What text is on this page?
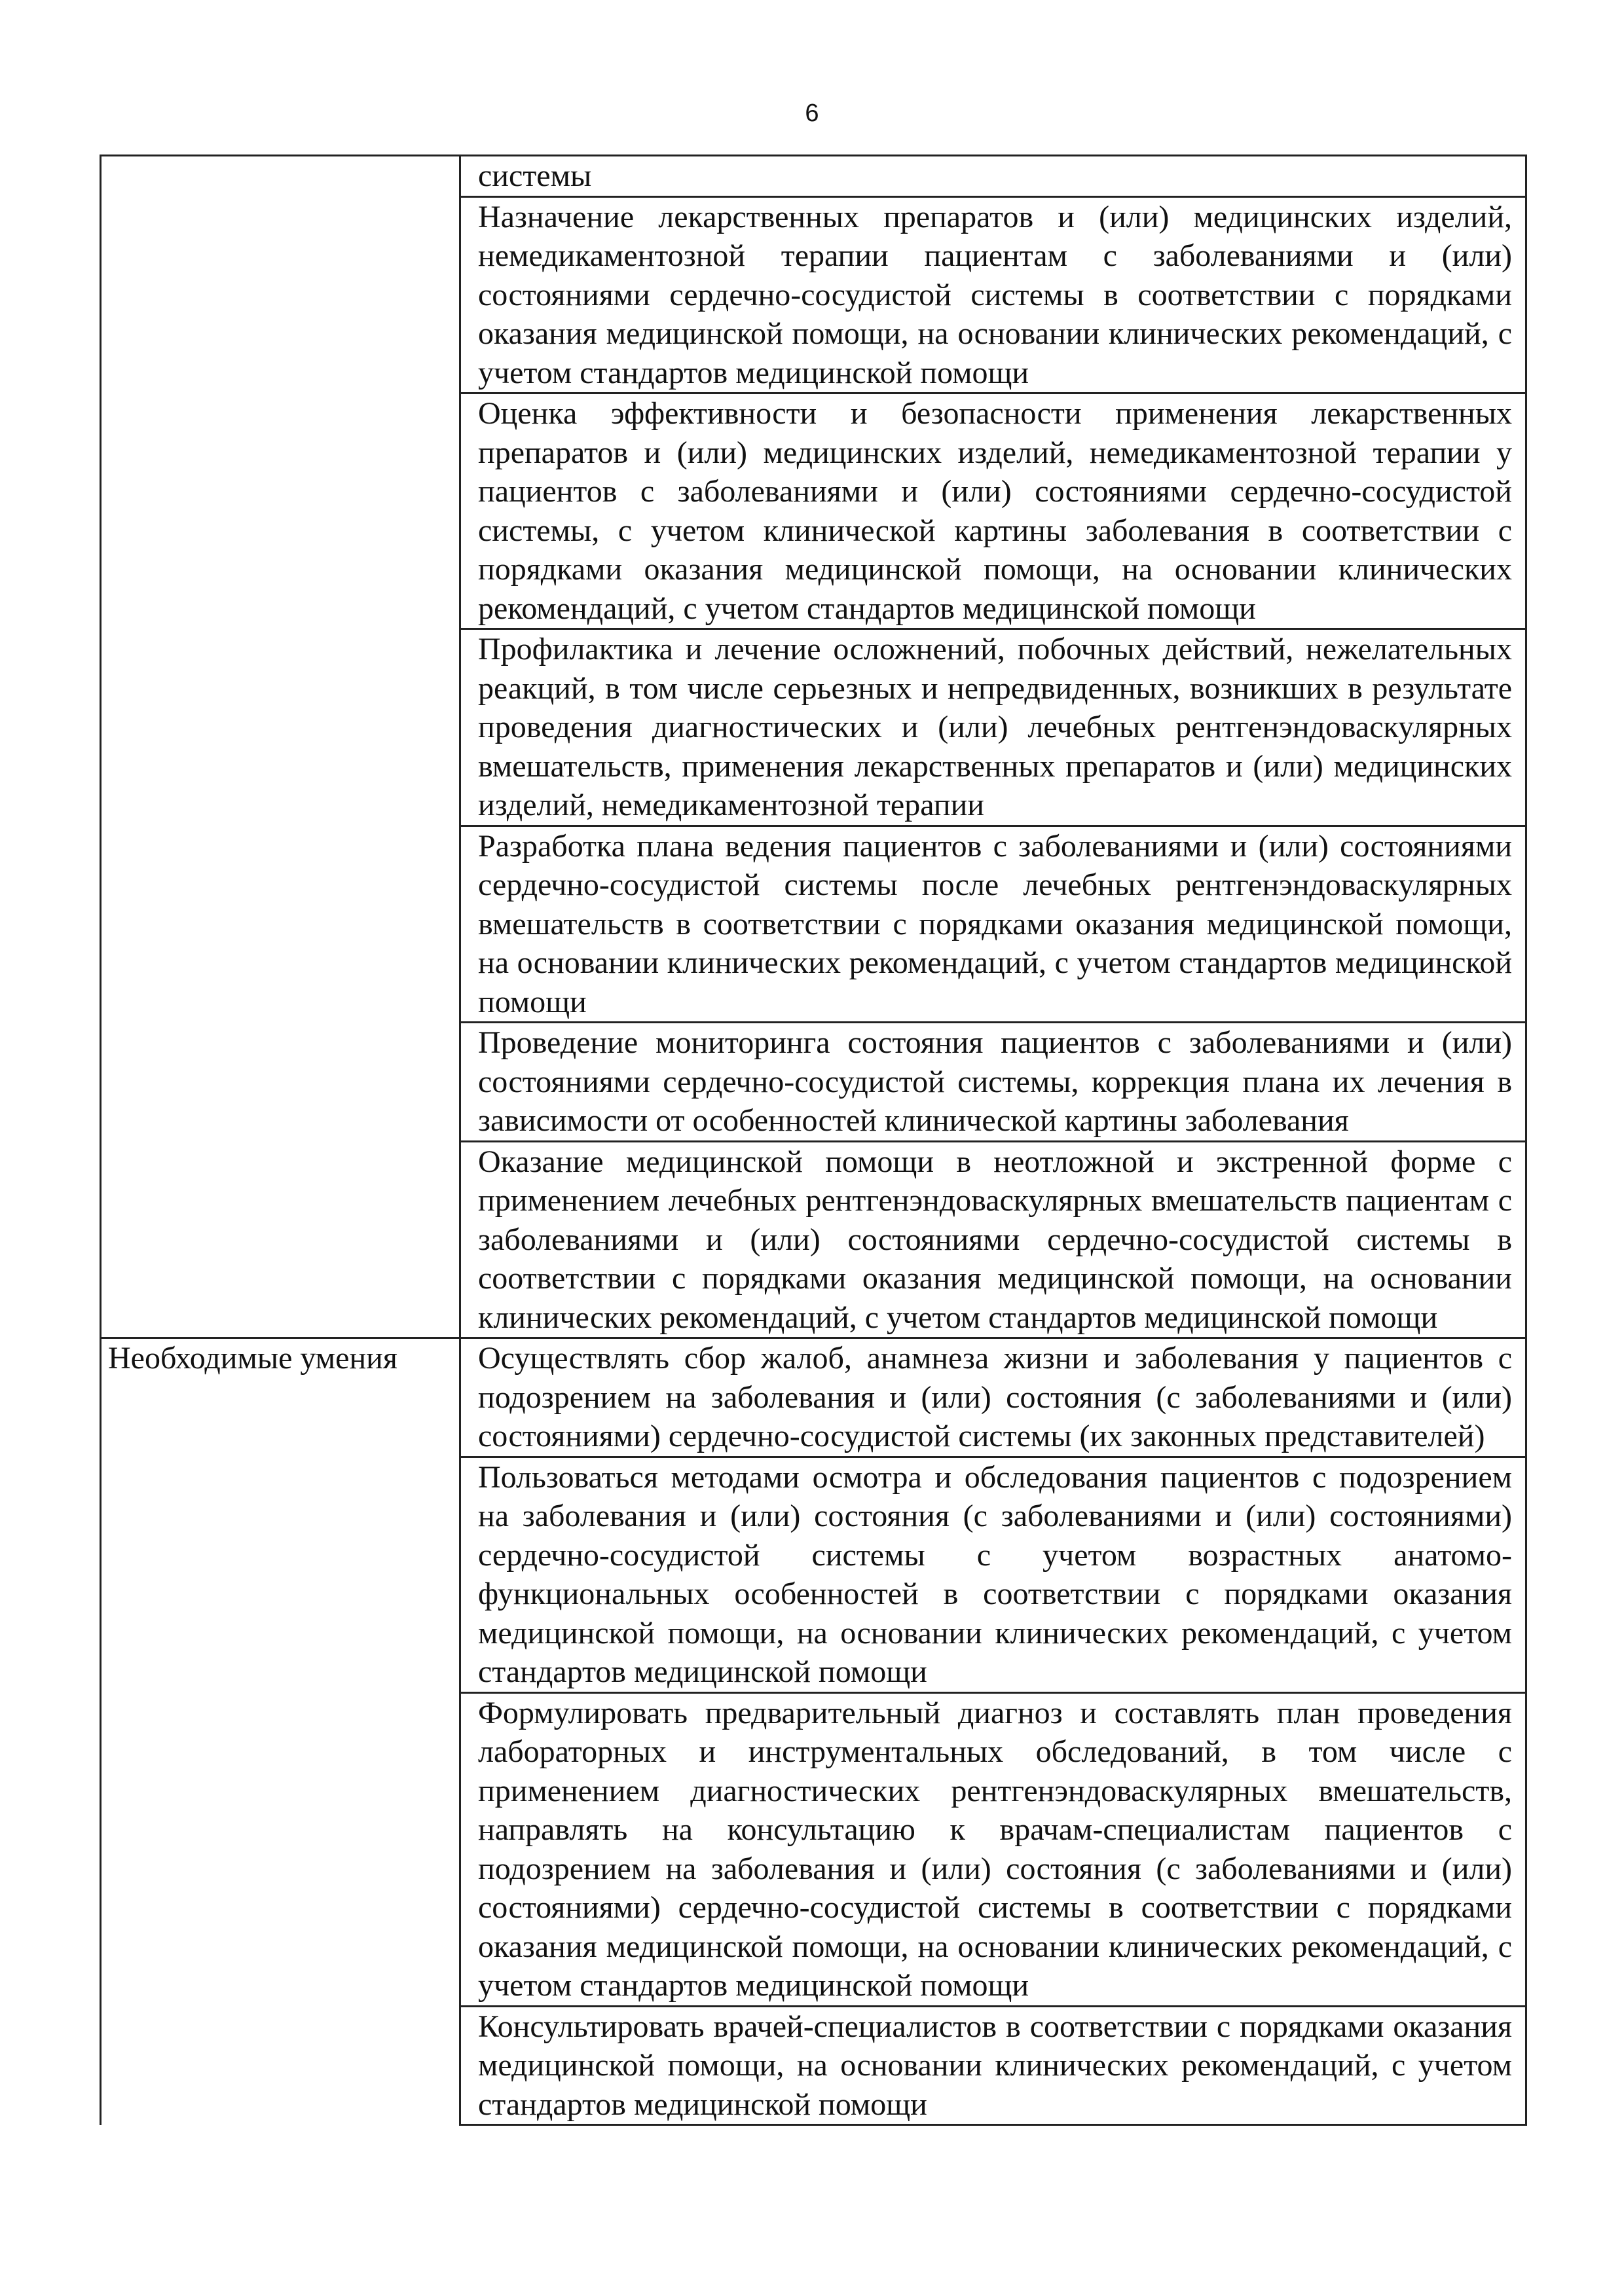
6
	системы
	Назначение лекарственных препаратов и (или) медицинских изделий, немедикаментозной терапии пациентам с заболеваниями и (или) состояниями сердечно-сосудистой системы в соответствии с порядками оказания медицинской помощи, на основании клинических рекомендаций, с учетом стандартов медицинской помощи
	Оценка эффективности и безопасности применения лекарственных препаратов и (или) медицинских изделий, немедикаментозной терапии у пациентов с заболеваниями и (или) состояниями сердечно-сосудистой системы, с учетом клинической картины заболевания в соответствии с порядками оказания медицинской помощи, на основании клинических рекомендаций, с учетом стандартов медицинской помощи
	Профилактика и лечение осложнений, побочных действий, нежелательных реакций, в том числе серьезных и непредвиденных, возникших в результате проведения диагностических и (или) лечебных рентгенэндоваскулярных вмешательств, применения лекарственных препаратов и (или) медицинских изделий, немедикаментозной терапии
	Разработка плана ведения пациентов с заболеваниями и (или) состояниями сердечно-сосудистой системы после лечебных рентгенэндоваскулярных вмешательств в соответствии с порядками оказания медицинской помощи, на основании клинических рекомендаций, с учетом стандартов медицинской помощи
	Проведение мониторинга состояния пациентов с заболеваниями и (или) состояниями сердечно-сосудистой системы, коррекция плана их лечения в зависимости от особенностей клинической картины заболевания
	Оказание медицинской помощи в неотложной и экстренной форме с применением лечебных рентгенэндоваскулярных вмешательств пациентам с заболеваниями и (или) состояниями сердечно-сосудистой системы в соответствии с порядками оказания медицинской помощи, на основании клинических рекомендаций, с учетом стандартов медицинской помощи
Необходимые умения	Осуществлять сбор жалоб, анамнеза жизни и заболевания у пациентов с подозрением на заболевания и (или) состояния (с заболеваниями и (или) состояниями) сердечно-сосудистой системы (их законных представителей)
	Пользоваться методами осмотра и обследования пациентов с подозрением на заболевания и (или) состояния (с заболеваниями и (или) состояниями) сердечно-сосудистой системы с учетом возрастных анатомо-функциональных особенностей в соответствии с порядками оказания медицинской помощи, на основании клинических рекомендаций, с учетом стандартов медицинской помощи
	Формулировать предварительный диагноз и составлять план проведения лабораторных и инструментальных обследований, в том числе с применением диагностических рентгенэндоваскулярных вмешательств, направлять на консультацию к врачам-специалистам пациентов с подозрением на заболевания и (или) состояния (с заболеваниями и (или) состояниями) сердечно-сосудистой системы в соответствии с порядками оказания медицинской помощи, на основании клинических рекомендаций, с учетом стандартов медицинской помощи
	Консультировать врачей-специалистов в соответствии с порядками оказания медицинской помощи, на основании клинических рекомендаций, с учетом стандартов медицинской помощи
